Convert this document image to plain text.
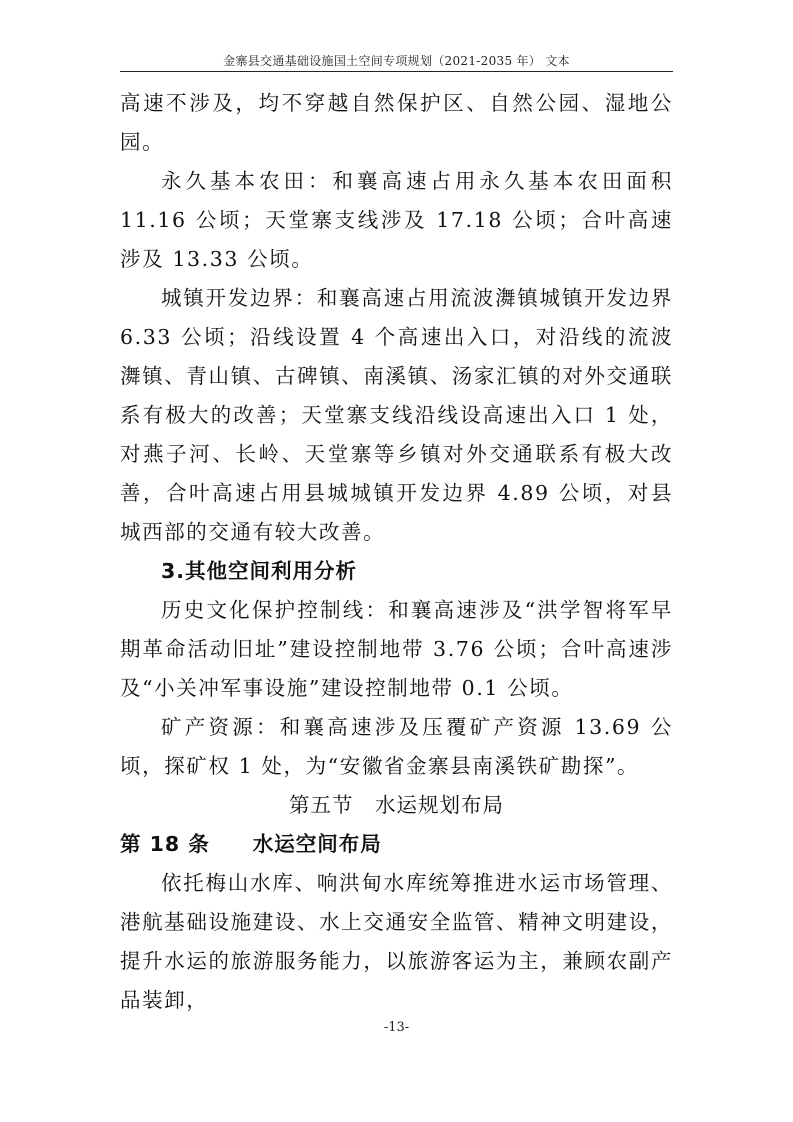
金寨县交通基础设施国土空间专项规划（2021-2035 年） 文本

高速不涉及，均不穿越自然保护区、自然公园、湿地公园。

永久基本农田：和襄高速占用永久基本农田面积 11.16 公顷；天堂寨支线涉及 17.18 公顷；合叶高速涉及 13.33 公顷。

城镇开发边界：和襄高速占用流波㵲镇城镇开发边界 6.33 公顷；沿线设置 4 个高速出入口，对沿线的流波㵲镇、青山镇、古碑镇、南溪镇、汤家汇镇的对外交通联系有极大的改善；天堂寨支线沿线设高速出入口 1 处，对燕子河、长岭、天堂寨等乡镇对外交通联系有极大改善，合叶高速占用县城城镇开发边界 4.89 公顷，对县城西部的交通有较大改善。

3.其他空间利用分析

历史文化保护控制线：和襄高速涉及“洪学智将军早期革命活动旧址”建设控制地带 3.76 公顷；合叶高速涉及“小关冲军事设施”建设控制地带 0.1 公顷。

矿产资源：和襄高速涉及压覆矿产资源 13.69 公顷，探矿权 1 处，为“安徽省金寨县南溪铁矿勘探”。

第五节　水运规划布局
第 18 条　　水运空间布局

依托梅山水库、响洪甸水库统筹推进水运市场管理、港航基础设施建设、水上交通安全监管、精神文明建设，提升水运的旅游服务能力，以旅游客运为主，兼顾农副产品装卸，

-13-
